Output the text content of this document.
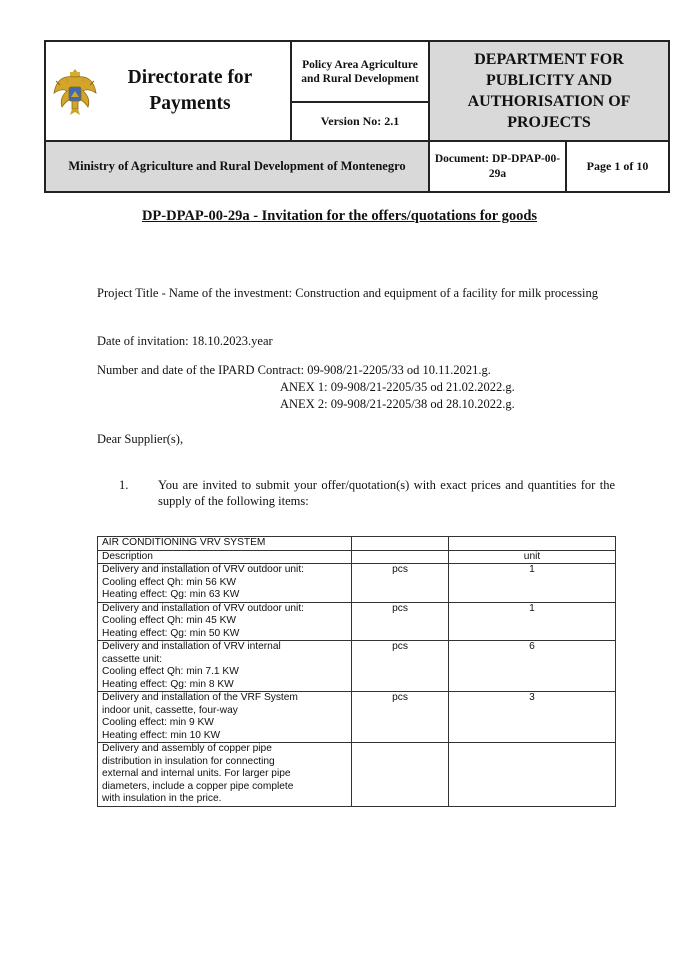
Directorate for Payments	Policy Area Agriculture and Rural Development	DEPARTMENT FOR PUBLICITY AND AUTHORISATION OF PROJECTS	
	Version No: 2.1		
Ministry of Agriculture and Rural Development of Montenegro		Document: DP-DPAP-00-29a	Page 1 of 10
DP-DPAP-00-29a - Invitation for the offers/quotations for goods
Project Title - Name of the investment: Construction and equipment of a facility for milk processing
Date of invitation: 18.10.2023.year
Number and date of the IPARD Contract: 09-908/21-2205/33 od 10.11.2021.g.
ANEX 1: 09-908/21-2205/35 od 21.02.2022.g.
ANEX 2: 09-908/21-2205/38 od 28.10.2022.g.
Dear Supplier(s),
1. You are invited to submit your offer/quotation(s) with exact prices and quantities for the supply of the following items:
AIR CONDITIONING VRV SYSTEM		
Description		unit

Delivery and installation of VRV outdoor unit:
Cooling effect Qh: min 56 KW
Heating effect: Qg: min 63 KW	pcs	1

Delivery and installation of VRV outdoor unit:
Cooling effect Qh: min 45 KW
Heating effect: Qg: min 50 KW	pcs	1

Delivery and installation of VRV internal
cassette unit:
Cooling effect Qh: min 7.1 KW
Heating effect: Qg: min 8 KW	pcs	6

Delivery and installation of the VRF System
indoor unit, cassette, four-way
Cooling effect: min 9 KW
Heating effect: min 10 KW	pcs	3

Delivery and assembly of copper pipe
distribution in insulation for connecting
external and internal units. For larger pipe
diameters, include a copper pipe complete
with insulation in the price.		
